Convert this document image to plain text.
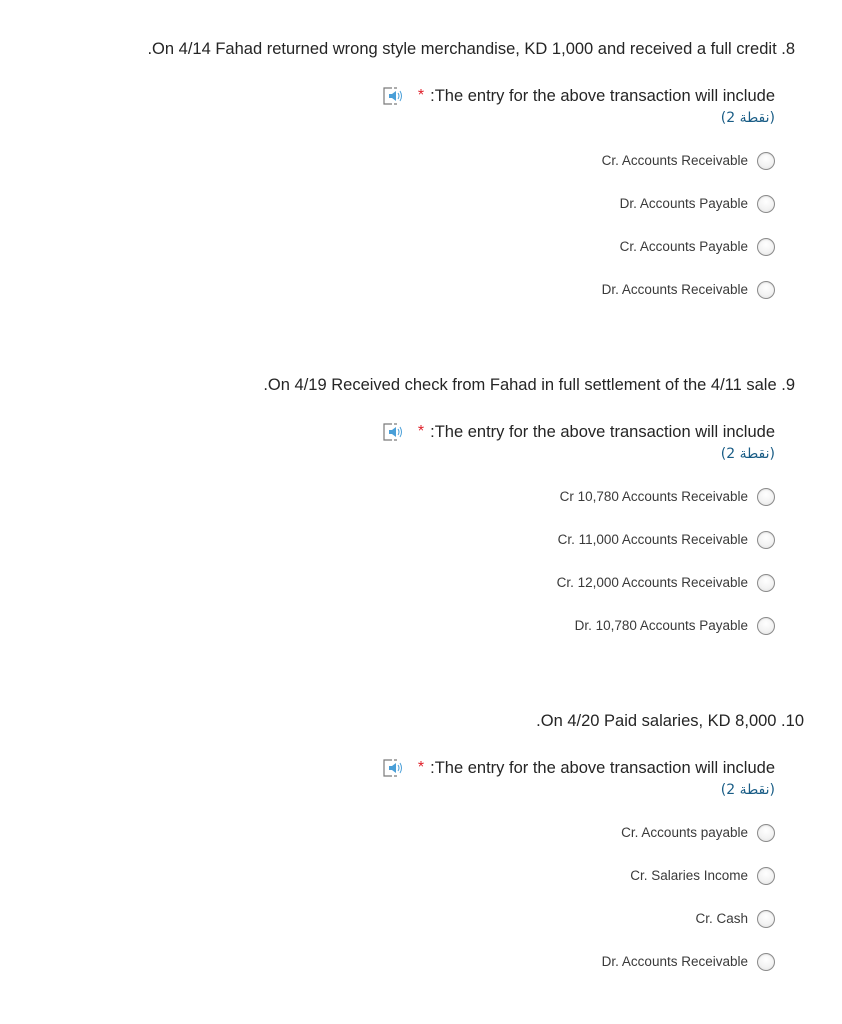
.On 4/14 Fahad returned wrong style merchandise, KD 1,000 and received a full credit .8
* :The entry for the above transaction will include
(2 نقطة)
Cr. Accounts Receivable
Dr. Accounts Payable
Cr. Accounts Payable
Dr. Accounts Receivable
.On 4/19 Received check from Fahad in full settlement of the 4/11 sale .9
* :The entry for the above transaction will include
(2 نقطة)
Cr 10,780 Accounts Receivable
Cr. 11,000 Accounts Receivable
Cr. 12,000 Accounts Receivable
Dr. 10,780 Accounts Payable
.On 4/20 Paid salaries, KD 8,000 .10
* :The entry for the above transaction will include
(2 نقطة)
Cr. Accounts payable
Cr. Salaries Income
Cr. Cash
Dr. Accounts Receivable
